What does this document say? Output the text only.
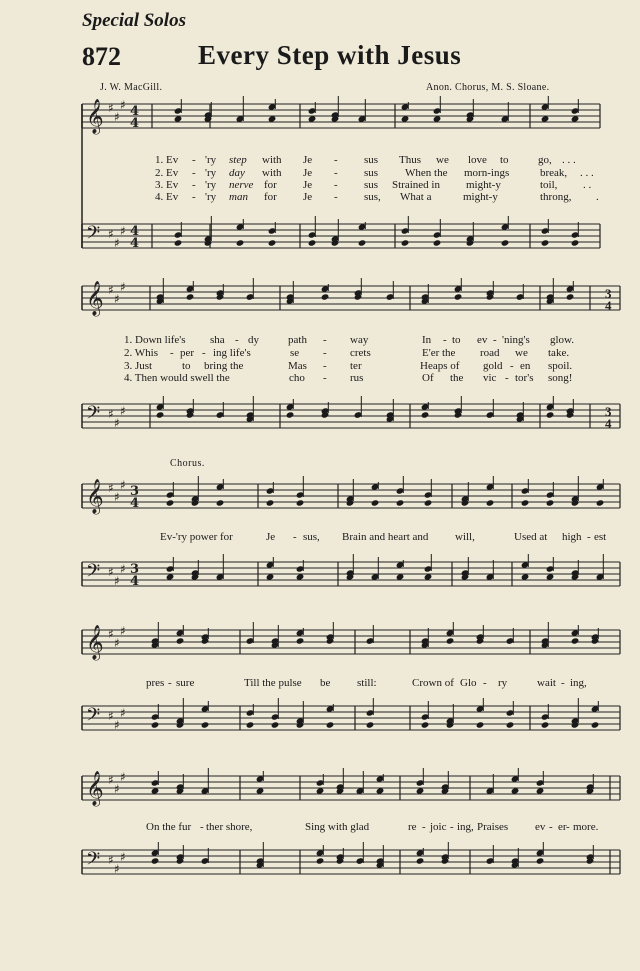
Special Solos
872	Every Step with Jesus
J. W. MacGill.	Anon. Chorus, M. S. Sloane.
𝄞 ♯
♯
♯ 4
4
𝄢 ♯
♯
♯ 4
4
𝄞 ♯
♯
♯	3
4
𝄢 ♯
♯
♯	3
4
𝄞 ♯
♯
♯ 3
4
𝄢 ♯
♯
♯ 3
4
𝄞 ♯
♯
♯
𝄢 ♯
♯
♯
𝄞 ♯
♯
♯
𝄢 ♯
♯
♯
1. Ev - 'ry step with Je - sus Thus we love to	go, . . .
2. Ev - 'ry day with Je - sus When the morn-ings	break, . . .
3. Ev - 'ry nerve for Je - sus Strained in might-y	toil, . .
4. Ev - 'ry man for Je - sus, What a	might-y	throng, .
1. Down life's sha - dy	path - way	In - to ev - 'ning's glow.
2. Whis - per - ing life's	se - crets	E'er the road we take.
3. Just	to bring the	Mas - ter	Heaps of gold - en spoil.
4. Then would swell the	cho - rus	Of the vic - tor's song!
Chorus.
Ev-'ry power for	Je - sus, Brain and heart and will,	Used at high - est
pres - sure	Till the pulse be still:	Crown of Glo - ry	wait - ing,
On the fur - ther shore,	Sing with glad	re - joic - ing, Praises ev - er - more.
